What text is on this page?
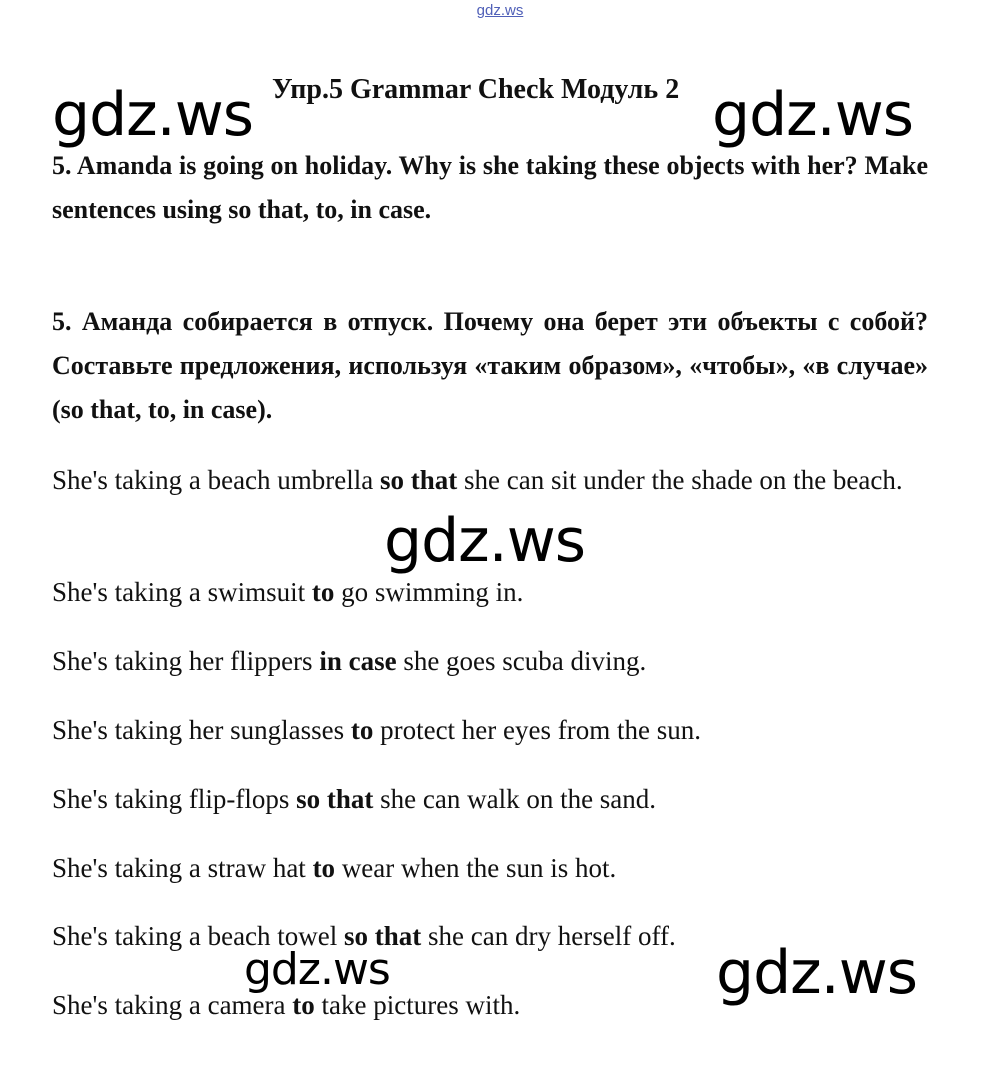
gdz.ws
Упр.5 Grammar Check Модуль 2
gdz.ws	gdz.ws
5. Amanda is going on holiday. Why is she taking these objects with her? Make sentences using so that, to, in case.
5. Аманда собирается в отпуск. Почему она берет эти объекты с собой? Составьте предложения, используя «таким образом», «чтобы», «в случае» (so that, to, in case).
She's taking a beach umbrella so that she can sit under the shade on the beach.
gdz.ws
She's taking a swimsuit to go swimming in.
She's taking her flippers in case she goes scuba diving.
She's taking her sunglasses to protect her eyes from the sun.
She's taking flip-flops so that she can walk on the sand.
She's taking a straw hat to wear when the sun is hot.
She's taking a beach towel so that she can dry herself off.
gdz.ws	gdz.ws
She's taking a camera to take pictures with.
